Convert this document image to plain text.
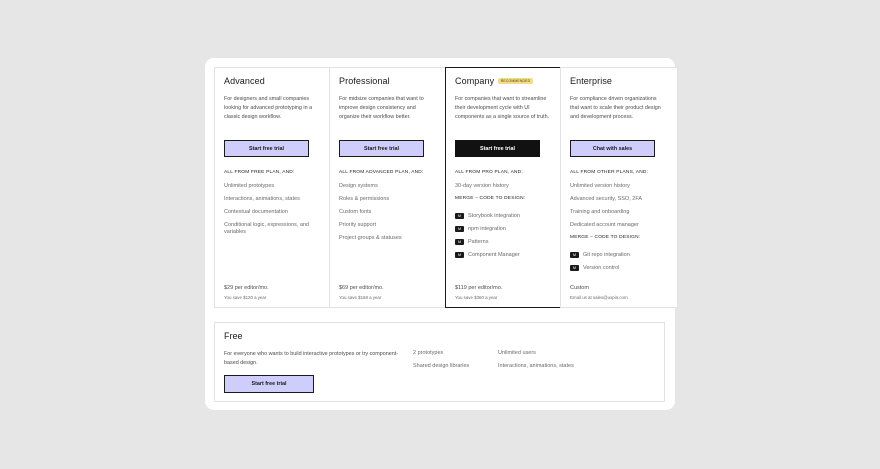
Advanced
For designers and small companies looking for advanced prototyping in a classic design workflow.
Start free trial
ALL FROM FREE PLAN, AND:
Unlimited prototypes
Interactions, animations, states
Contextual documentation
Conditional logic, expressions, and variables
$29 per editor/mo.
You save $120 a year
Professional
For midsize companies that want to improve design consistency and organize their workflow better.
Start free trial
ALL FROM ADVANCED PLAN, AND:
Design systems
Roles & permissions
Custom fonts
Priority support
Project groups & statuses
$69 per editor/mo.
You save $168 a year
Company	RECOMMENDED
For companies that want to streamline their development cycle with UI components as a single source of truth.
Start free trial
ALL FROM PRO PLAN, AND:
30-day version history
MERGE – CODE TO DESIGN:
M	Storybook integration
M	npm integration
M	Patterns
M	Component Manager
$119 per editor/mo.
You save $360 a year
Enterprise
For compliance driven organizations that want to scale their product design and development process.
Chat with sales
ALL FROM OTHER PLANS, AND:
Unlimited version history
Advanced security, SSO, 2FA
Training and onboarding
Dedicated account manager
MERGE – CODE TO DESIGN:
M	Git repo integration
M	Version control
Custom
Email us at sales@uxpin.com
Free
For everyone who wants to build interactive prototypes or try component-based design.
Start free trial
2 prototypes
Shared design libraries
Unlimited users
Interactions, animations, states
